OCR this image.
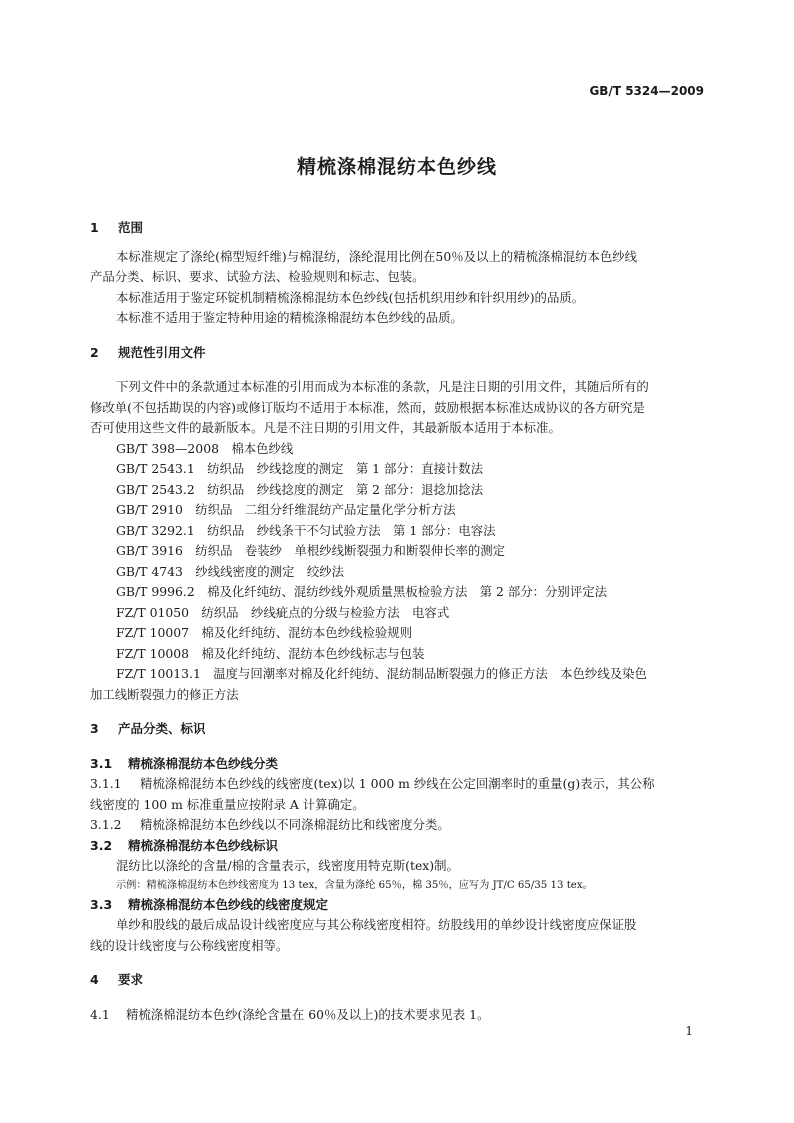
GB/T 5324—2009
精梳涤棉混纺本色纱线
1 范围
本标准规定了涤纶(棉型短纤维)与棉混纺，涤纶混用比例在50％及以上的精梳涤棉混纺本色纱线
产品分类、标识、要求、试验方法、检验规则和标志、包装。
本标准适用于鉴定环锭机制精梳涤棉混纺本色纱线(包括机织用纱和针织用纱)的品质。
本标准不适用于鉴定特种用途的精梳涤棉混纺本色纱线的品质。
2 规范性引用文件
下列文件中的条款通过本标准的引用而成为本标准的条款，凡是注日期的引用文件，其随后所有的
修改单(不包括勘误的内容)或修订版均不适用于本标准，然而，鼓励根据本标准达成协议的各方研究是
否可使用这些文件的最新版本。凡是不注日期的引用文件，其最新版本适用于本标准。
GB/T 398—2008　棉本色纱线
GB/T 2543.1　纺织品　纱线捻度的测定　第 1 部分：直接计数法
GB/T 2543.2　纺织品　纱线捻度的测定　第 2 部分：退捻加捻法
GB/T 2910　纺织品　二组分纤维混纺产品定量化学分析方法
GB/T 3292.1　纺织品　纱线条干不匀试验方法　第 1 部分：电容法
GB/T 3916　纺织品　卷装纱　单根纱线断裂强力和断裂伸长率的测定
GB/T 4743　纱线线密度的测定　绞纱法
GB/T 9996.2　棉及化纤纯纺、混纺纱线外观质量黑板检验方法　第 2 部分：分别评定法
FZ/T 01050　纺织品　纱线疵点的分级与检验方法　电容式
FZ/T 10007　棉及化纤纯纺、混纺本色纱线检验规则
FZ/T 10008　棉及化纤纯纺、混纺本色纱线标志与包装
FZ/T 10013.1　温度与回潮率对棉及化纤纯纺、混纺制品断裂强力的修正方法　本色纱线及染色
加工线断裂强力的修正方法
3 产品分类、标识
3.1 精梳涤棉混纺本色纱线分类
3.1.1 精梳涤棉混纺本色纱线的线密度(tex)以 1 000 m 纱线在公定回潮率时的重量(g)表示，其公称
线密度的 100 m 标准重量应按附录 A 计算确定。
3.1.2 精梳涤棉混纺本色纱线以不同涤棉混纺比和线密度分类。
3.2 精梳涤棉混纺本色纱线标识
混纺比以涤纶的含量/棉的含量表示，线密度用特克斯(tex)制。
示例：精梳涤棉混纺本色纱线密度为 13 tex，含量为涤纶 65％，棉 35％，应写为 JT/C 65/35 13 tex。
3.3 精梳涤棉混纺本色纱线的线密度规定
单纱和股线的最后成品设计线密度应与其公称线密度相符。纺股线用的单纱设计线密度应保证股
线的设计线密度与公称线密度相等。
4 要求
4.1 精梳涤棉混纺本色纱(涤纶含量在 60％及以上)的技术要求见表 1。
1
